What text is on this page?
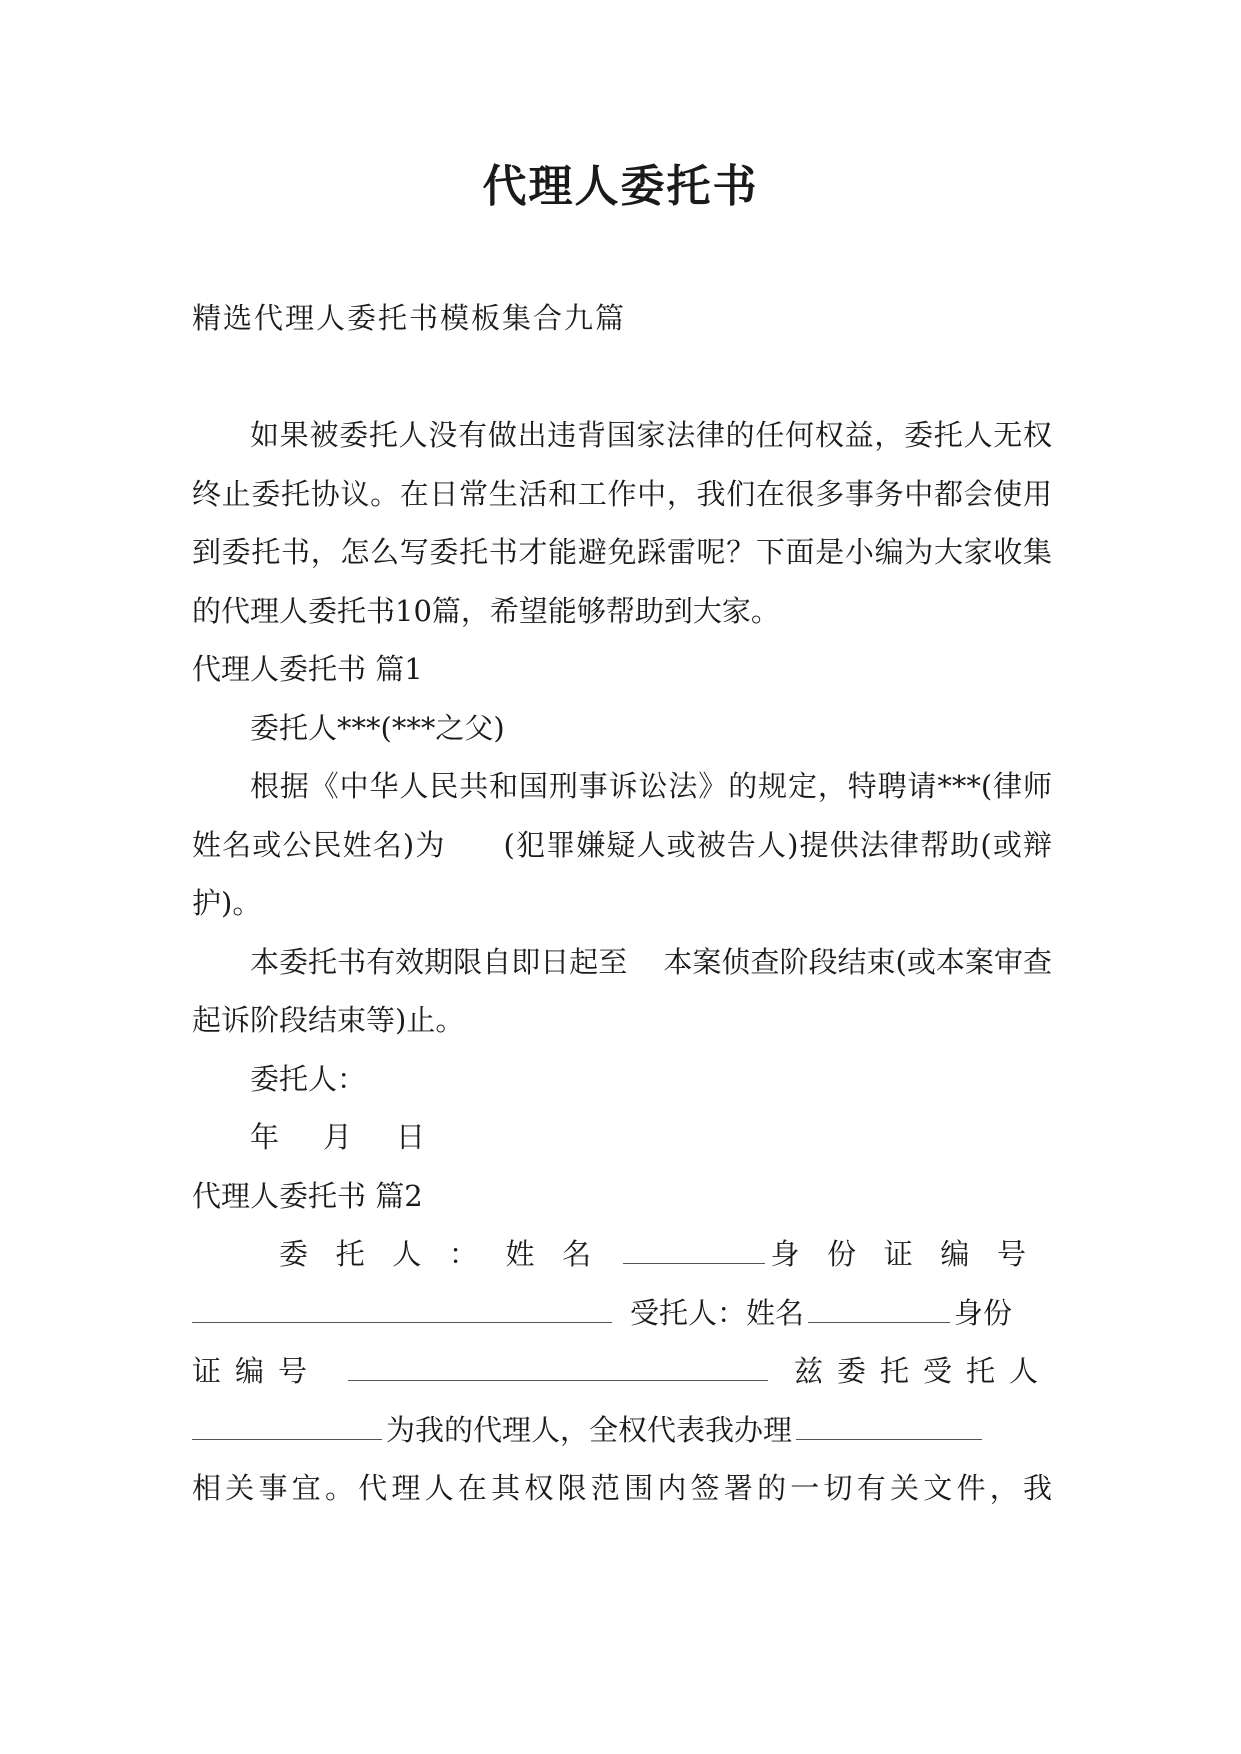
代理人委托书

精选代理人委托书模板集合九篇

如果被委托人没有做出违背国家法律的任何权益，委托人无权终止委托协议。在日常生活和工作中，我们在很多事务中都会使用到委托书，怎么写委托书才能避免踩雷呢？下面是小编为大家收集的代理人委托书10篇，希望能够帮助到大家。

代理人委托书 篇1

委托人***(***之父)

根据《中华人民共和国刑事诉讼法》的规定，特聘请***(律师姓名或公民姓名)为 (犯罪嫌疑人或被告人)提供法律帮助(或辩护)。

本委托书有效期限自即日起至 本案侦查阶段结束(或本案审查起诉阶段结束等)止。

委托人：

年 月 日

代理人委托书 篇2

委托人：姓名	身份证编号

受托人：姓名	身份

证编号	兹委托受托人

为我的代理人，全权代表我办理

相关事宜。代理人在其权限范围内签署的一切有关文件，我
